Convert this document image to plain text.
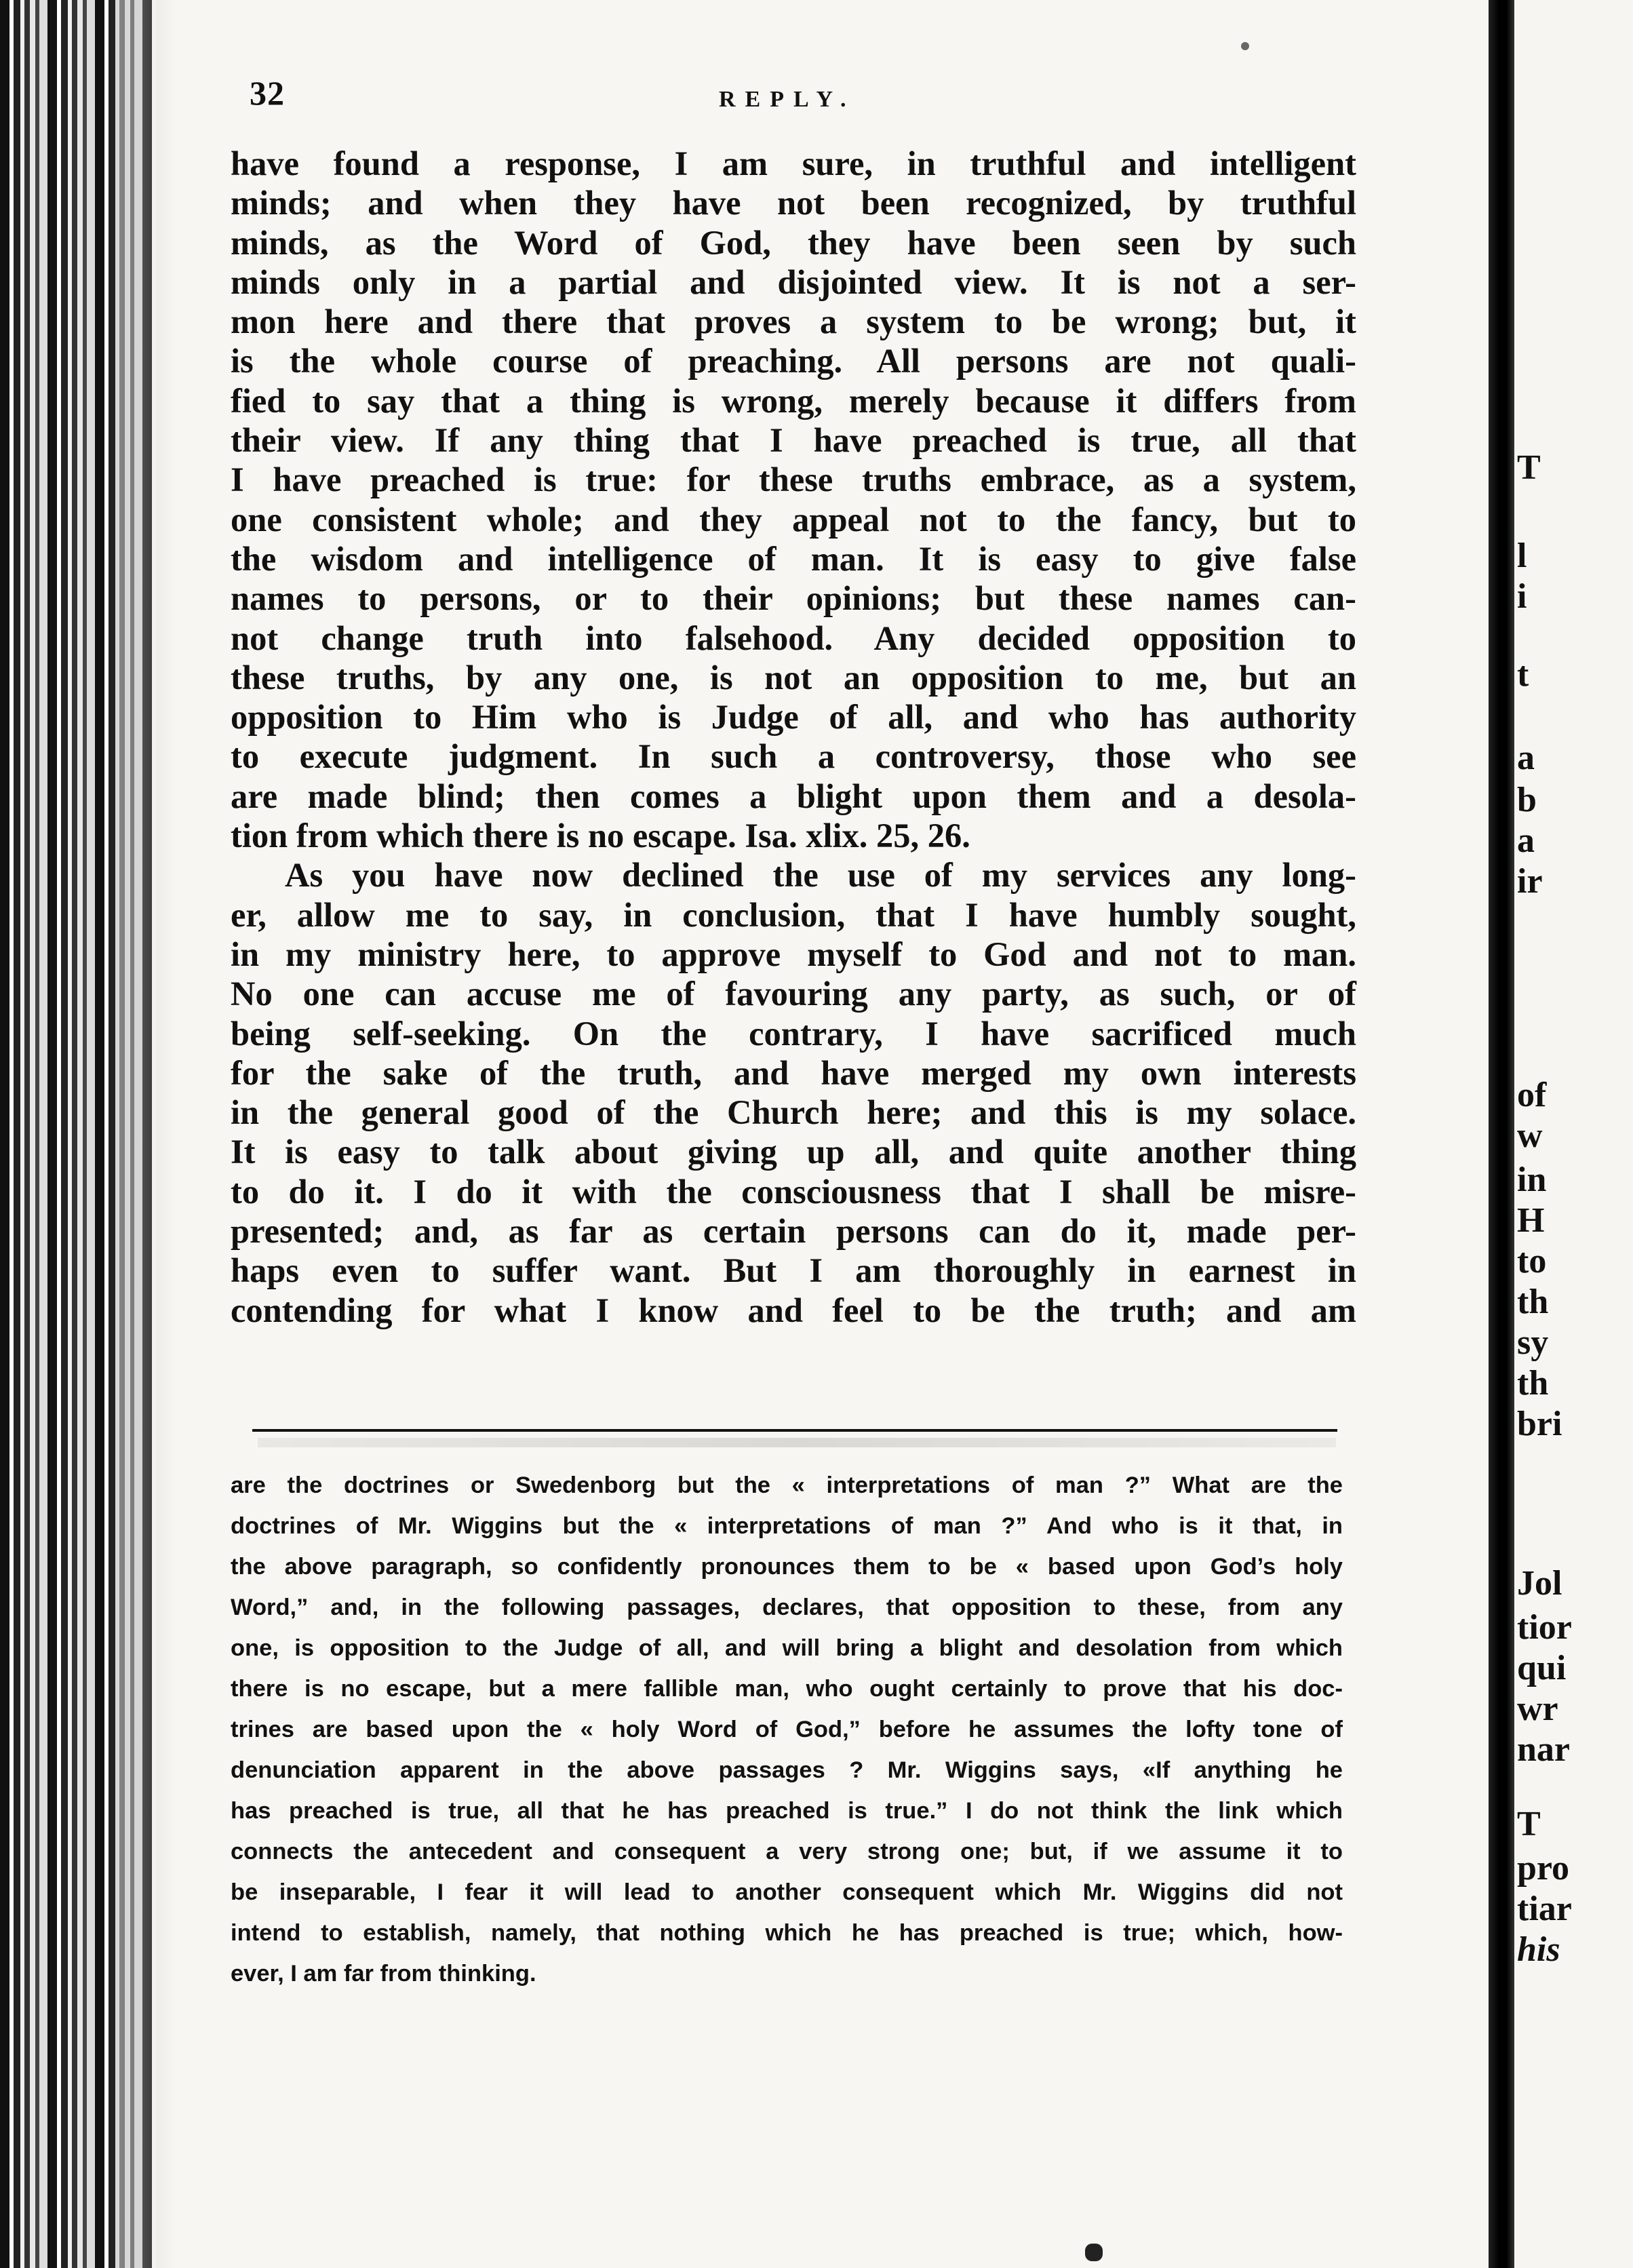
32	REPLY.
have found a response, I am sure, in truthful and intelligent
minds; and when they have not been recognized, by truthful
minds, as the Word of God, they have been seen by such
minds only in a partial and disjointed view. It is not a ser-
mon here and there that proves a system to be wrong; but, it
is the whole course of preaching. All persons are not quali-
fied to say that a thing is wrong, merely because it differs from
their view. If any thing that I have preached is true, all that
I have preached is true: for these truths embrace, as a system,
one consistent whole; and they appeal not to the fancy, but to
the wisdom and intelligence of man. It is easy to give false
names to persons, or to their opinions; but these names can-
not change truth into falsehood. Any decided opposition to
these truths, by any one, is not an opposition to me, but an
opposition to Him who is Judge of all, and who has authority
to execute judgment. In such a controversy, those who see
are made blind; then comes a blight upon them and a desola-
tion from which there is no escape. Isa. xlix. 25, 26.
As you have now declined the use of my services any long-
er, allow me to say, in conclusion, that I have humbly sought,
in my ministry here, to approve myself to God and not to man.
No one can accuse me of favouring any party, as such, or of
being self-seeking. On the contrary, I have sacrificed much
for the sake of the truth, and have merged my own interests
in the general good of the Church here; and this is my solace.
It is easy to talk about giving up all, and quite another thing
to do it. I do it with the consciousness that I shall be misre-
presented; and, as far as certain persons can do it, made per-
haps even to suffer want. But I am thoroughly in earnest in
contending for what I know and feel to be the truth; and am
are the doctrines or Swedenborg but the « interpretations of man ?” What are the
doctrines of Mr. Wiggins but the « interpretations of man ?” And who is it that, in
the above paragraph, so confidently pronounces them to be « based upon God’s holy
Word,” and, in the following passages, declares, that opposition to these, from any
one, is opposition to the Judge of all, and will bring a blight and desolation from which
there is no escape, but a mere fallible man, who ought certainly to prove that his doc-
trines are based upon the « holy Word of God,” before he assumes the lofty tone of
denunciation apparent in the above passages ? Mr. Wiggins says, «If anything he
has preached is true, all that he has preached is true.” I do not think the link which
connects the antecedent and consequent a very strong one; but, if we assume it to
be inseparable, I fear it will lead to another consequent which Mr. Wiggins did not
intend to establish, namely, that nothing which he has preached is true; which, how-
ever, I am far from thinking.
T
l
i
t
a
b
a
ir
of
w
in
H
to
th
sy
th
bri
Jol
tior
qui
wr
nar
T
pro
tiar
his
